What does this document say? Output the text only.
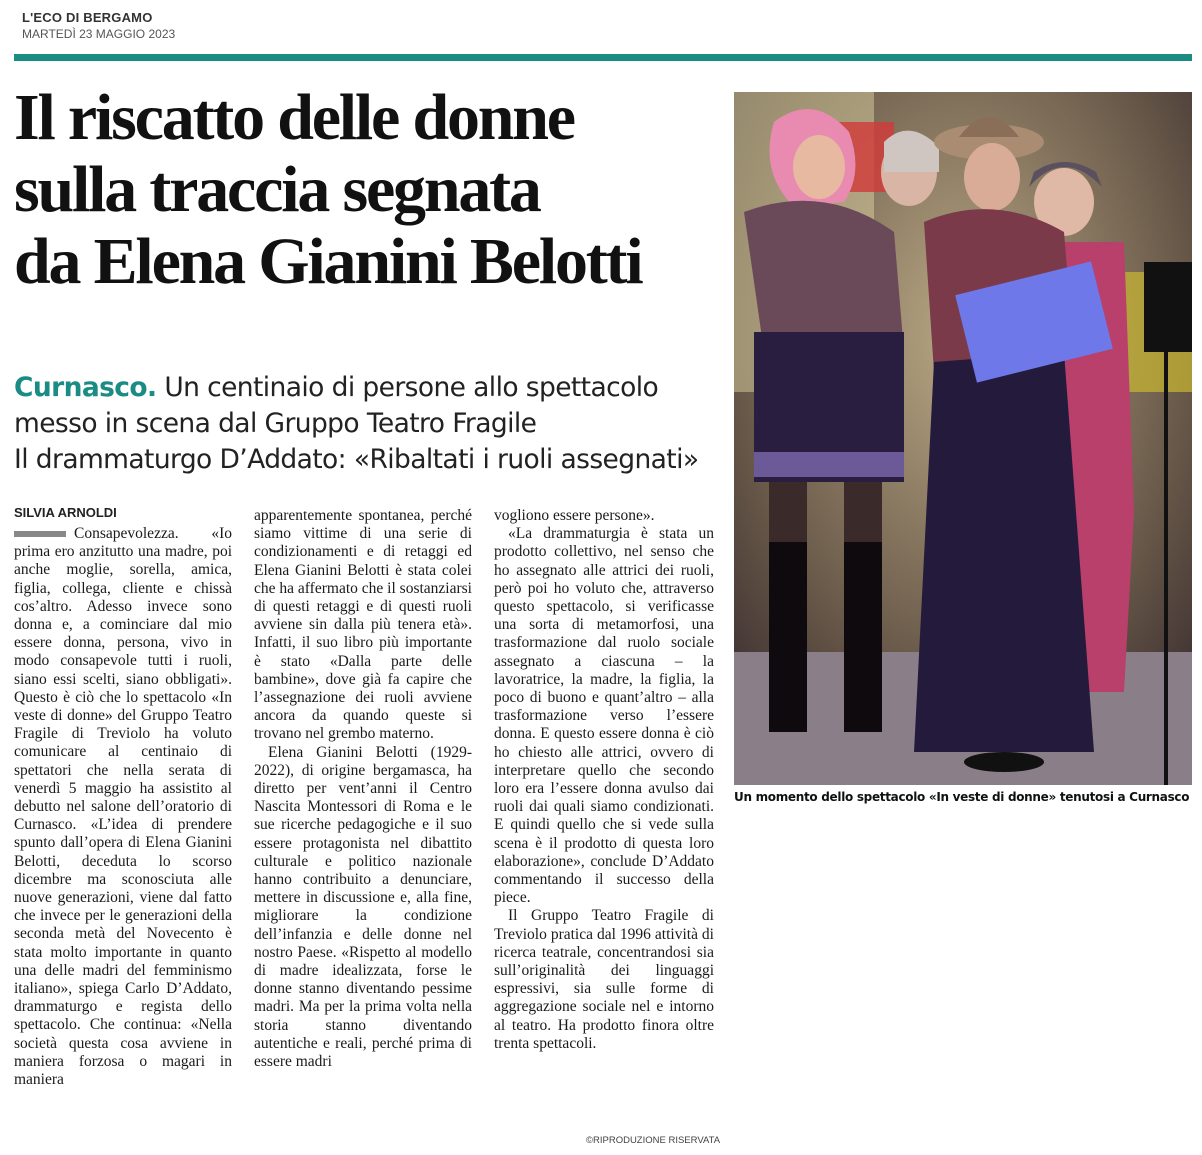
L'ECO DI BERGAMO
MARTEDÌ 23 MAGGIO 2023
Il riscatto delle donne
sulla traccia segnata
da Elena Gianini Belotti
Curnasco. Un centinaio di persone allo spettacolo
messo in scena dal Gruppo Teatro Fragile
Il drammaturgo D’Addato: «Ribaltati i ruoli assegnati»
SILVIA ARNOLDI

Consapevolezza. «Io prima ero anzitutto una madre, poi anche moglie, sorella, amica, figlia, collega, cliente e chissà cos’altro. Adesso invece sono donna e, a cominciare dal mio essere donna, persona, vivo in modo consapevole tutti i ruoli, siano essi scelti, siano obbligati». Questo è ciò che lo spettacolo «In veste di donne» del Gruppo Teatro Fragile di Treviolo ha voluto comunicare al centinaio di spettatori che nella serata di venerdì 5 maggio ha assistito al debutto nel salone dell’oratorio di Curnasco. «L’idea di prendere spunto dall’opera di Elena Gianini Belotti, deceduta lo scorso dicembre ma sconosciuta alle nuove generazioni, viene dal fatto che invece per le generazioni della seconda metà del Novecento è stata molto importante in quanto una delle madri del femminismo italiano», spiega Carlo D’Addato, drammaturgo e regista dello spettacolo. Che continua: «Nella società questa cosa avviene in maniera forzosa o magari in maniera

apparentemente spontanea, perché siamo vittime di una serie di condizionamenti e di retaggi ed Elena Gianini Belotti è stata colei che ha affermato che il sostanziarsi di questi retaggi e di questi ruoli avviene sin dalla più tenera età». Infatti, il suo libro più importante è stato «Dalla parte delle bambine», dove già fa capire che l’assegnazione dei ruoli avviene ancora da quando queste si trovano nel grembo materno.

Elena Gianini Belotti (1929-2022), di origine bergamasca, ha diretto per vent’anni il Centro Nascita Montessori di Roma e le sue ricerche pedagogiche e il suo essere protagonista nel dibattito culturale e politico nazionale hanno contribuito a denunciare, mettere in discussione e, alla fine, migliorare la condizione dell’infanzia e delle donne nel nostro Paese. «Rispetto al modello di madre idealizzata, forse le donne stanno diventando pessime madri. Ma per la prima volta nella storia stanno diventando autentiche e reali, perché prima di essere madri

vogliono essere persone».

«La drammaturgia è stata un prodotto collettivo, nel senso che ho assegnato alle attrici dei ruoli, però poi ho voluto che, attraverso questo spettacolo, si verificasse una sorta di metamorfosi, una trasformazione dal ruolo sociale assegnato a ciascuna – la lavoratrice, la madre, la figlia, la poco di buono e quant’altro – alla trasformazione verso l’essere donna. E questo essere donna è ciò ho chiesto alle attrici, ovvero di interpretare quello che secondo loro era l’essere donna avulso dai ruoli dai quali siamo condizionati. E quindi quello che si vede sulla scena è il prodotto di questa loro elaborazione», conclude D’Addato commentando il successo della piece.

Il Gruppo Teatro Fragile di Treviolo pratica dal 1996 attività di ricerca teatrale, concentrandosi sia sull’originalità dei linguaggi espressivi, sia sulle forme di aggregazione sociale nel e intorno al teatro. Ha prodotto finora oltre trenta spettacoli.

©RIPRODUZIONE RISERVATA
Un momento dello spettacolo «In veste di donne» tenutosi a Curnasco
